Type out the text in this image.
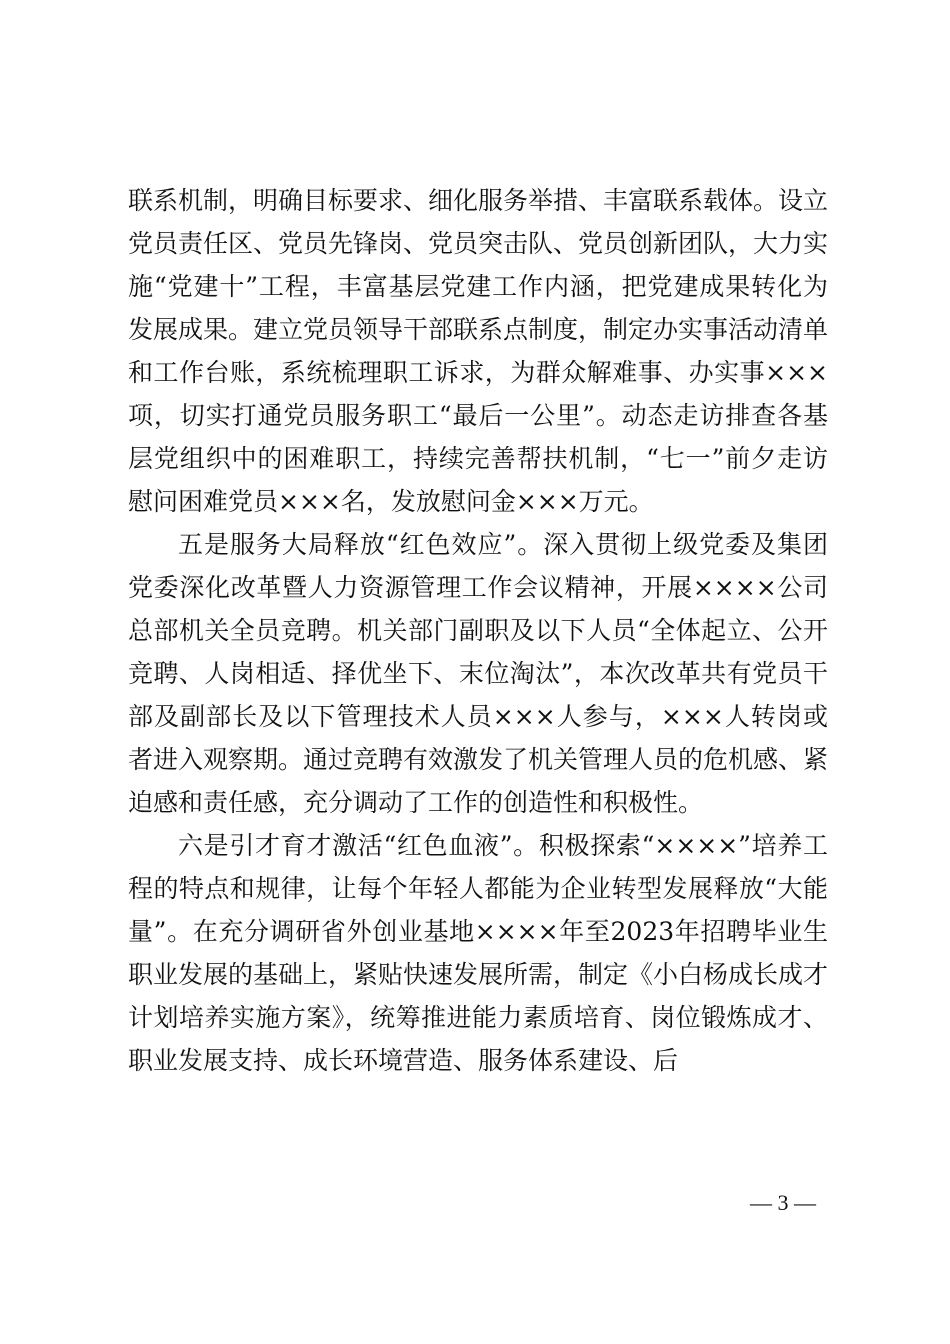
联系机制，明确目标要求、细化服务举措、丰富联系载体。设立党员责任区、党员先锋岗、党员突击队、党员创新团队，大力实施“党建十”工程，丰富基层党建工作内涵，把党建成果转化为发展成果。建立党员领导干部联系点制度，制定办实事活动清单和工作台账，系统梳理职工诉求，为群众解难事、办实事×××项，切实打通党员服务职工“最后一公里”。动态走访排查各基层党组织中的困难职工，持续完善帮扶机制，“七一”前夕走访慰问困难党员×××名，发放慰问金×××万元。

五是服务大局释放“红色效应”。深入贯彻上级党委及集团党委深化改革暨人力资源管理工作会议精神，开展××××公司总部机关全员竞聘。机关部门副职及以下人员“全体起立、公开竞聘、人岗相适、择优坐下、末位淘汰”，本次改革共有党员干部及副部长及以下管理技术人员×××人参与，×××人转岗或者进入观察期。通过竞聘有效激发了机关管理人员的危机感、紧迫感和责任感，充分调动了工作的创造性和积极性。

六是引才育才激活“红色血液”。积极探索“××××”培养工程的特点和规律，让每个年轻人都能为企业转型发展释放“大能量”。在充分调研省外创业基地××××年至2023年招聘毕业生职业发展的基础上，紧贴快速发展所需，制定《小白杨成长成才计划培养实施方案》，统筹推进能力素质培育、岗位锻炼成才、职业发展支持、成长环境营造、服务体系建设、后

— 3 —
